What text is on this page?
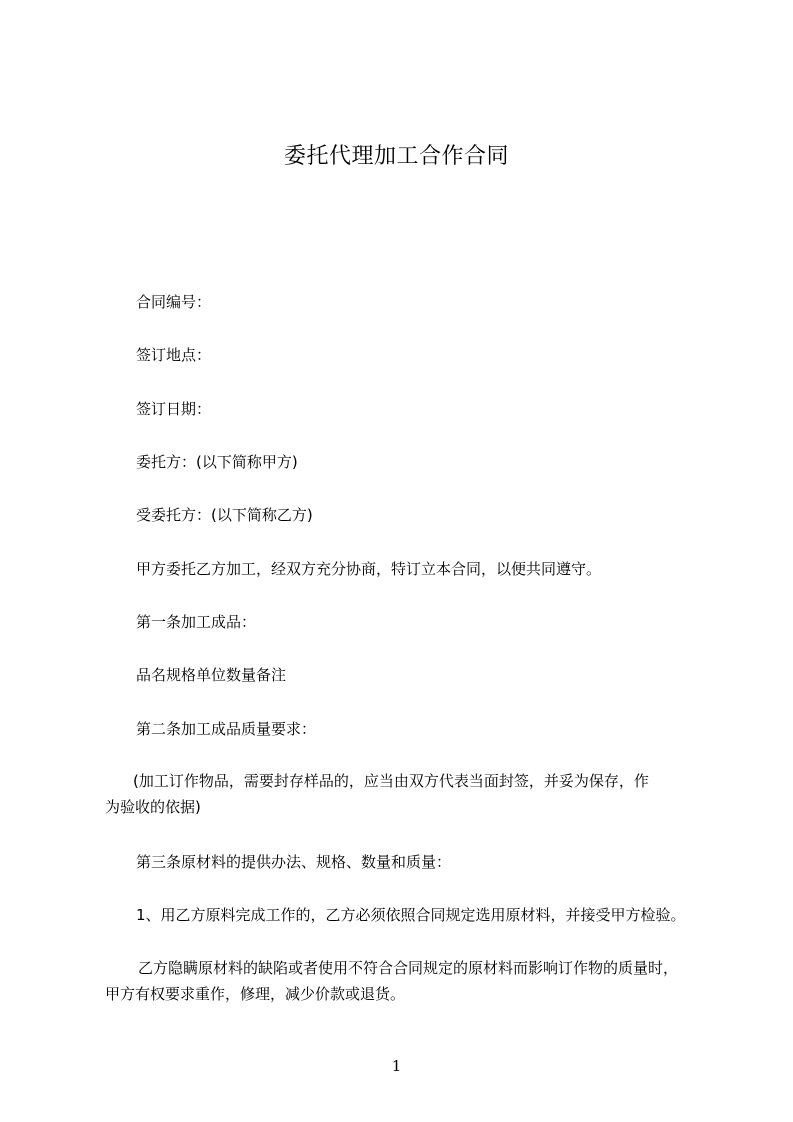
委托代理加工合作合同
合同编号：
签订地点：
签订日期：
委托方：(以下简称甲方)
受委托方：(以下简称乙方)
甲方委托乙方加工，经双方充分协商，特订立本合同，以便共同遵守。
第一条加工成品：
品名规格单位数量备注
第二条加工成品质量要求：
(加工订作物品，需要封存样品的，应当由双方代表当面封签，并妥为保存，作
为验收的依据)
第三条原材料的提供办法、规格、数量和质量：
1、用乙方原料完成工作的，乙方必须依照合同规定选用原材料，并接受甲方检验。
乙方隐瞒原材料的缺陷或者使用不符合合同规定的原材料而影响订作物的质量时，
甲方有权要求重作，修理，减少价款或退货。
1
